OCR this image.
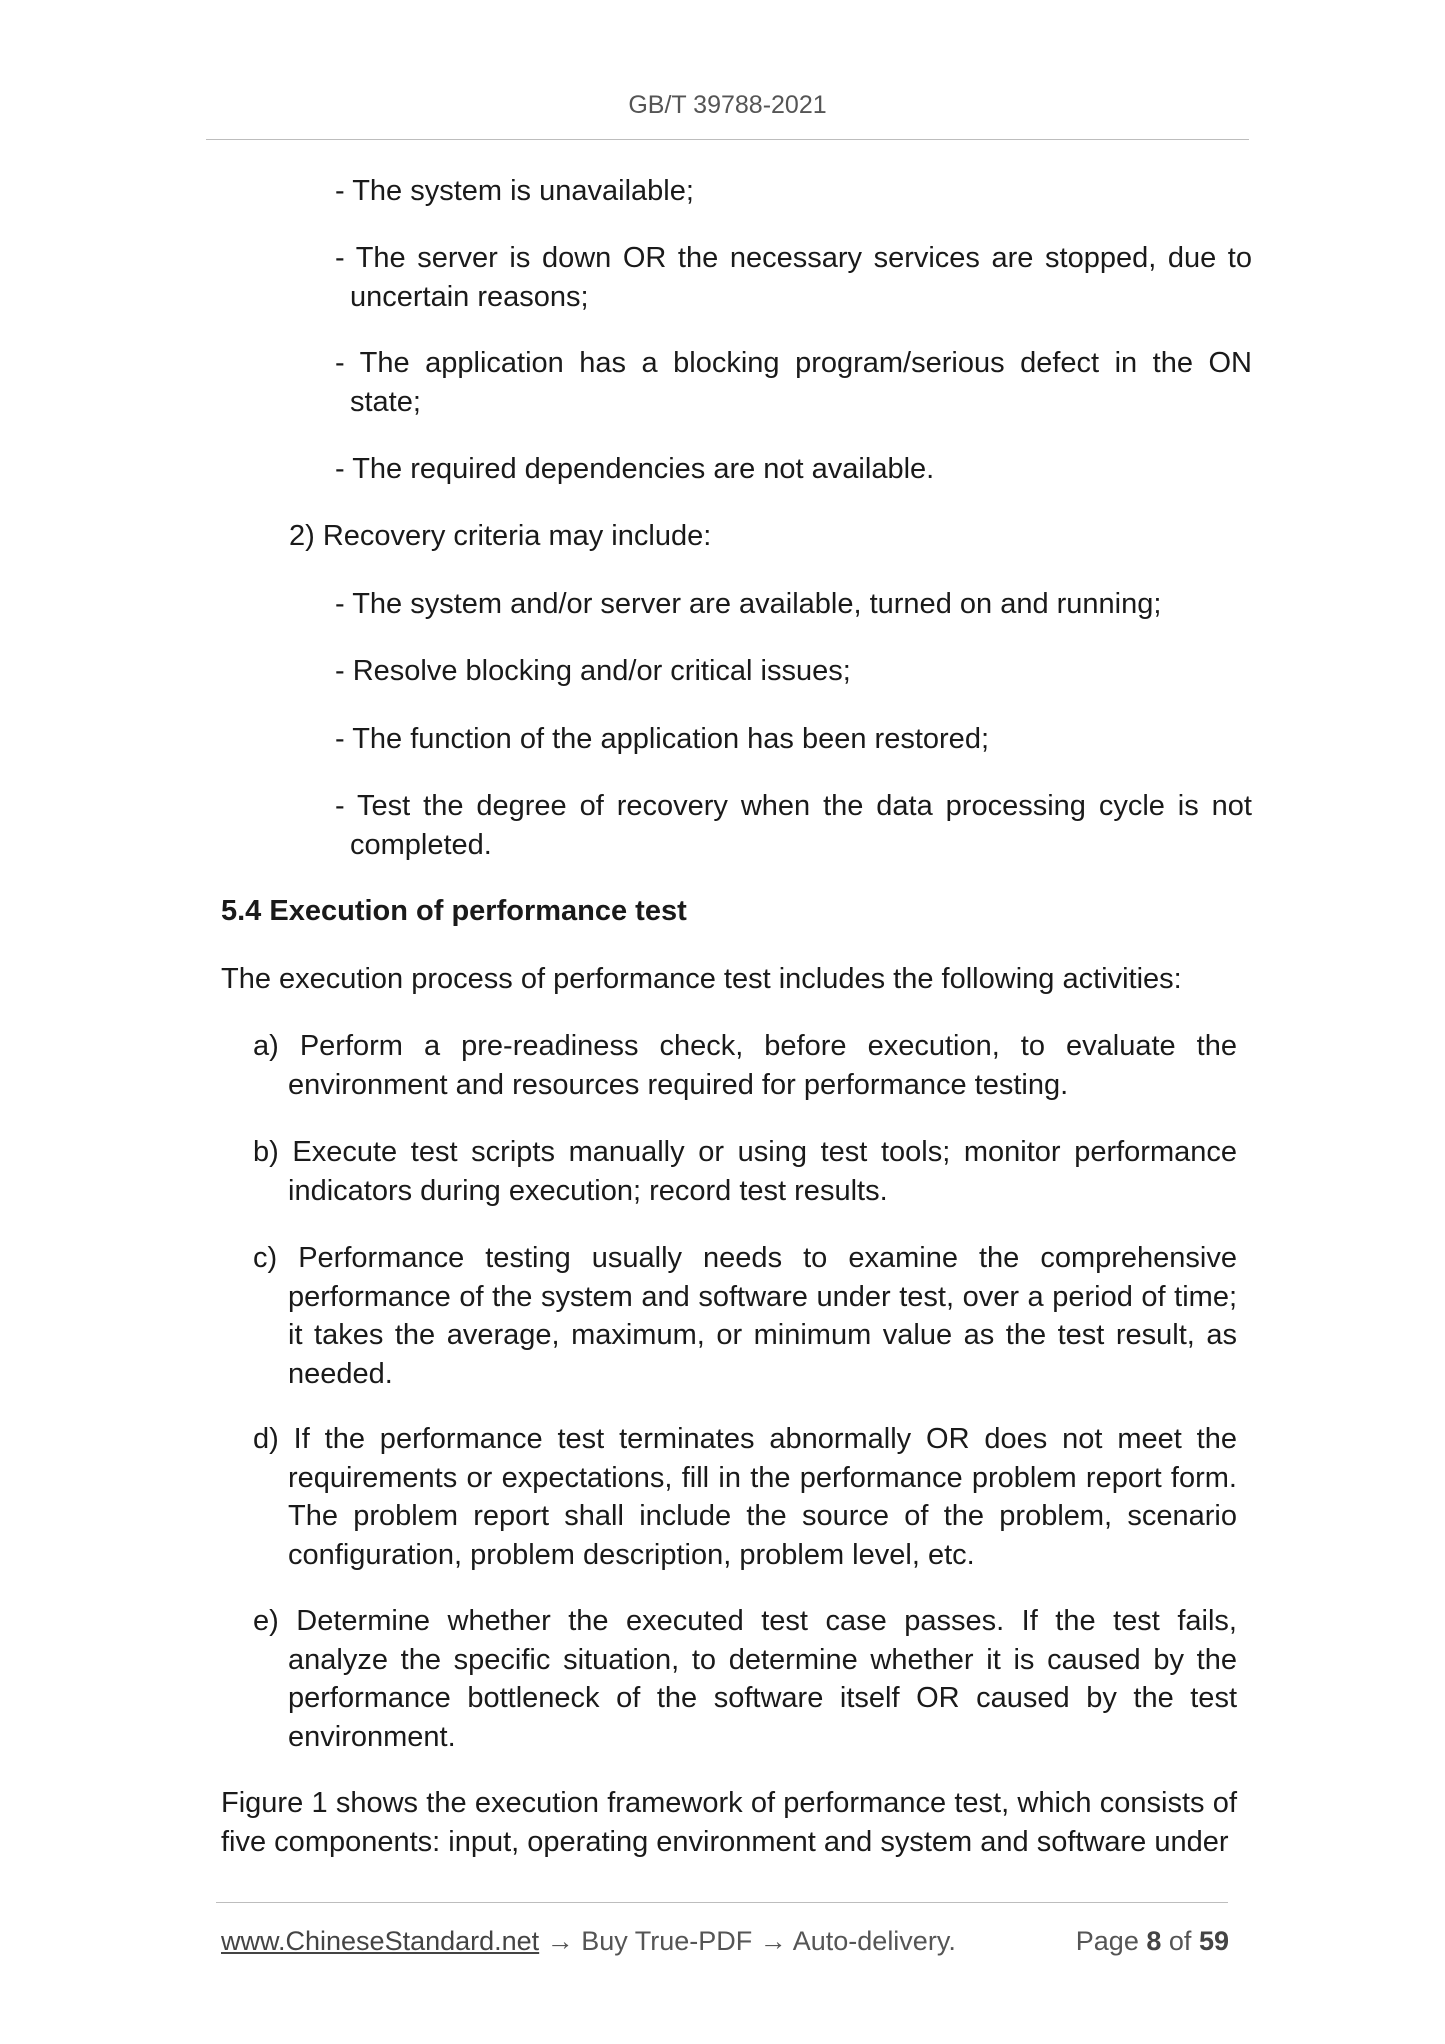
GB/T 39788-2021

- The system is unavailable;

- The server is down OR the necessary services are stopped, due to uncertain reasons;

- The application has a blocking program/serious defect in the ON state;

- The required dependencies are not available.

2) Recovery criteria may include:

- The system and/or server are available, turned on and running;

- Resolve blocking and/or critical issues;

- The function of the application has been restored;

- Test the degree of recovery when the data processing cycle is not completed.

5.4 Execution of performance test

The execution process of performance test includes the following activities:

a) Perform a pre-readiness check, before execution, to evaluate the environment and resources required for performance testing.

b) Execute test scripts manually or using test tools; monitor performance indicators during execution; record test results.

c) Performance testing usually needs to examine the comprehensive performance of the system and software under test, over a period of time; it takes the average, maximum, or minimum value as the test result, as needed.

d) If the performance test terminates abnormally OR does not meet the requirements or expectations, fill in the performance problem report form. The problem report shall include the source of the problem, scenario configuration, problem description, problem level, etc.

e) Determine whether the executed test case passes. If the test fails, analyze the specific situation, to determine whether it is caused by the performance bottleneck of the software itself OR caused by the test environment.

Figure 1 shows the execution framework of performance test, which consists of five components: input, operating environment and system and software under

www.ChineseStandard.net → Buy True-PDF → Auto-delivery.	Page 8 of 59
